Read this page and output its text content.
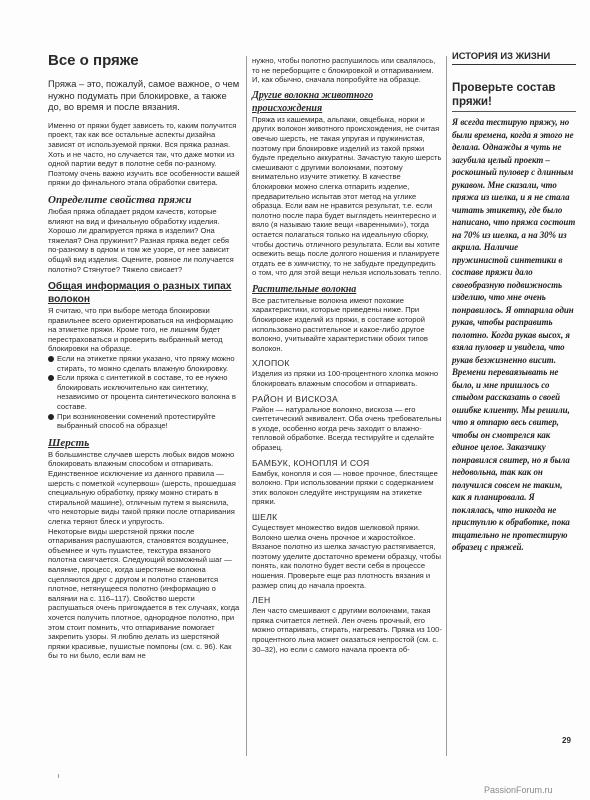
Все о пряже

Пряжа – это, пожалуй, самое важное, о чем нужно подумать при блокировке, а также до, во время и после вязания.

Именно от пряжи будет зависеть то, каким получится проект, так как все остальные аспекты дизайна зависят от используемой пряжи. Вся пряжа разная. Хоть и не часто, но случается так, что даже мотки из одной партии ведут в полотне себя по-разному. Поэтому очень важно изучить все особенности вашей пряжи до финального этапа обработки свитера.

Определите свойства пряжи

Любая пряжа обладает рядом качеств, которые влияют на вид и финальную обработку изделия. Хорошо ли драпируется пряжа в изделии? Она тяжелая? Она пружинит? Разная пряжа ведет себя по-разному в одном и том же узоре, от нее зависит общий вид изделия. Оцените, ровное ли получается полотно? Стянутое? Тяжело свисает?

Общая информация о разных типах волокон

Я считаю, что при выборе метода блокировки правильнее всего ориентироваться на информацию на этикетке пряжи. Кроме того, не лишним будет перестраховаться и проверить выбранный метод блокировки на образце.

Если на этикетке пряжи указано, что пряжу можно стирать, то можно сделать влажную блокировку.

Если пряжа с синтетикой в составе, то ее нужно блокировать исключительно как синтетику, независимо от процента синтетического волокна в составе.

При возникновении сомнений протестируйте выбранный способ на образце!

Шерсть

В большинстве случаев шерсть любых видов можно блокировать влажным способом и отпаривать. Единственное исключение из данного правила — шерсть с пометкой «супервош» (шерсть, прошедшая специальную обработку, пряжу можно стирать в стиральной машине), отличным путем я выяснила, что некоторые виды такой пряжи после отпаривания слегка теряют блеск и упругость.

Некоторые виды шерстяной пряжи после отпаривания распушаются, становятся воздушнее, объемнее и чуть пушистее, текстура вязаного полотна смягчается. Следующий возможный шаг — валяние, процесс, когда шерстяные волокна сцепляются друг с другом и полотно становится плотное, нетянущееся полотно (информацию о валянии на с. 116–117). Свойство шерсти распушаться очень пригождается в тех случаях, когда хочется получить плотное, однородное полотно, при этом стоит помнить, что отпаривание помогает закрепить узоры. Я люблю делать из шерстяной пряжи красивые, пушистые помпоны (см. с. 96). Как бы то ни было, если вам не

нужно, чтобы полотно распушилось или свалялось, то не переборщите с блокировкой и отпариванием. И, как обычно, сначала попробуйте на образце.

Другие волокна животного происхождения

Пряжа из кашемира, альпаки, овцебыка, норки и других волокон животного происхождения, не считая овечью шерсть, не такая упругая и пружинистая, поэтому при блокировке изделий из такой пряжи будьте предельно аккуратны. Зачастую такую шерсть смешивают с другими волокнами, поэтому внимательно изучите этикетку. В качестве блокировки можно слегка отпарить изделие, предварительно испытав этот метод на углике образца. Если вам не нравится результат, т.е. если полотно после пара будет выглядеть неинтересно и вяло (я называю такие вещи «варенными»), тогда остается полагаться только на идеальную сборку, чтобы достичь отличного результата. Если вы хотите освежить вещь после долгого ношения и планируете отдать ее в химчистку, то не забудьте предупредить о том, что для этой вещи нельзя использовать тепло.

Растительные волокна

Все растительные волокна имеют похожие характеристики, которые приведены ниже. При блокировке изделий из пряжи, в составе которой использовано растительное и какое-либо другое волокно, учитывайте характеристики обоих типов волокон.

ХЛОПОК

Изделия из пряжи из 100-процентного хлопка можно блокировать влажным способом и отпаривать.

РАЙОН И ВИСКОЗА

Район — натуральное волокно, вискоза — его синтетический эквивалент. Оба очень требовательны в уходе, особенно когда речь заходит о влажно-тепловой обработке. Всегда тестируйте и сделайте образец.

БАМБУК, КОНОПЛЯ И СОЯ

Бамбук, конопля и соя — новое прочное, блестящее волокно. При использовании пряжи с содержанием этих волокон следуйте инструкциям на этикетке пряжи.

ШЕЛК

Существует множество видов шелковой пряжи. Волокно шелка очень прочное и жаростойкое. Вязаное полотно из шелка зачастую растягивается, поэтому уделите достаточно времени образцу, чтобы понять, как полотно будет вести себя в процессе ношения. Проверьте еще раз плотность вязания и размер спиц до начала проекта.

ЛЕН

Лен часто смешивают с другими волокнами, такая пряжа считается летней. Лен очень прочный, его можно отпаривать, стирать, нагревать. Пряжа из 100-процентного льна может оказаться непростой (см. с. 30–32), но если с самого начала проекта об-

ИСТОРИЯ ИЗ ЖИЗНИ
Проверьте состав пряжи!

Я всегда тестирую пряжу, но были времена, когда я этого не делала. Однажды я чуть не загубила целый проект – роскошный пуловер с длинным рукавом. Мне сказали, что пряжа из шелка, и я не стала читать этикетку, где было написано, что пряжа состоит на 70% из шелка, а на 30% из акрила. Наличие пружинистой синтетики в составе пряжи дало своеобразную подвижность изделию, что мне очень понравилось. Я отпарила один рукав, чтобы раcправить полотно. Когда рукав высох, я взяла пуловер и увидела, что рукав безжизненно висит. Времени переваязывать не было, и мне пришлось со стыдом рассказать о своей ошибке клиенту. Мы решили, что я отпарю весь свитер, чтобы он смотрелся как единое целое. Заказчику понравился свитер, но я была недовольна, так как он получился совсем не таким, как я планировала. Я поклялась, что никогда не приступлю к обработке, пока тщательно не протестирую образец с пряжей.

29
PassionForum.ru
